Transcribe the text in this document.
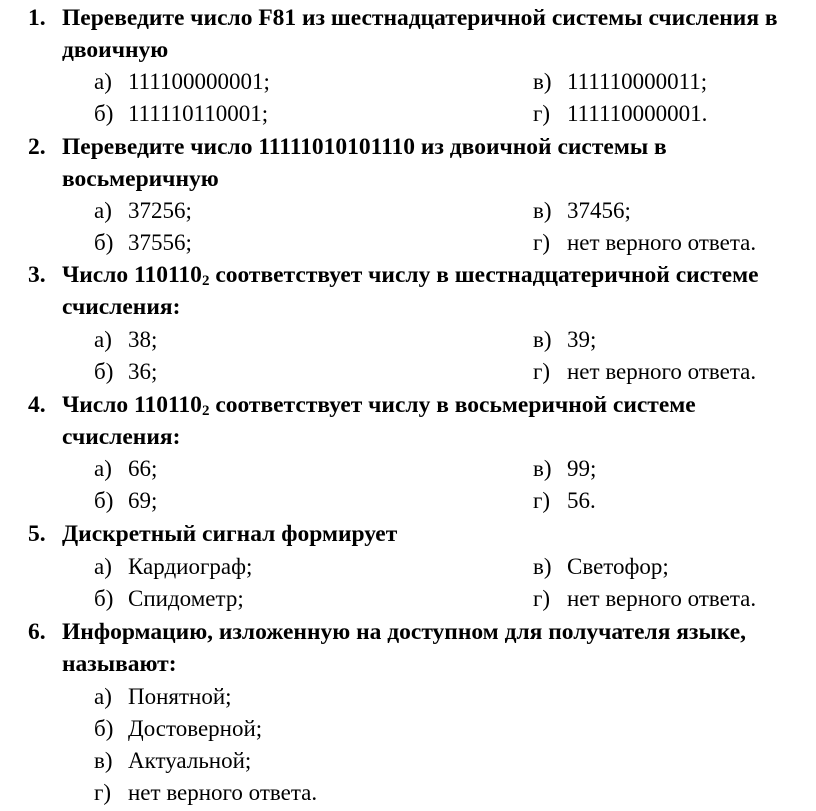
1. Переведите число F81 из шестнадцатеричной системы счисления в
двоичную
а) 111100000001;	в) 111110000011;
б) 111110110001;	г) 111110000001.
2. Переведите число 11111010101110 из двоичной системы в
восьмеричную
а) 37256;	в) 37456;
б) 37556;	г) нет верного ответа.
3. Число $110110_2$ соответствует числу в шестнадцатеричной системе
счисления:
а) 38;	в) 39;
б) 36;	г) нет верного ответа.
4. Число $110110_2$ соответствует числу в восьмеричной системе
счисления:
а) 66;	в) 99;
б) 69;	г) 56.
5. Дискретный сигнал формирует
а) Кардиограф;	в) Светофор;
б) Спидометр;	г) нет верного ответа.
6. Информацию, изложенную на доступном для получателя языке,
называют:
а) Понятной;
б) Достоверной;
в) Актуальной;
г) нет верного ответа.
